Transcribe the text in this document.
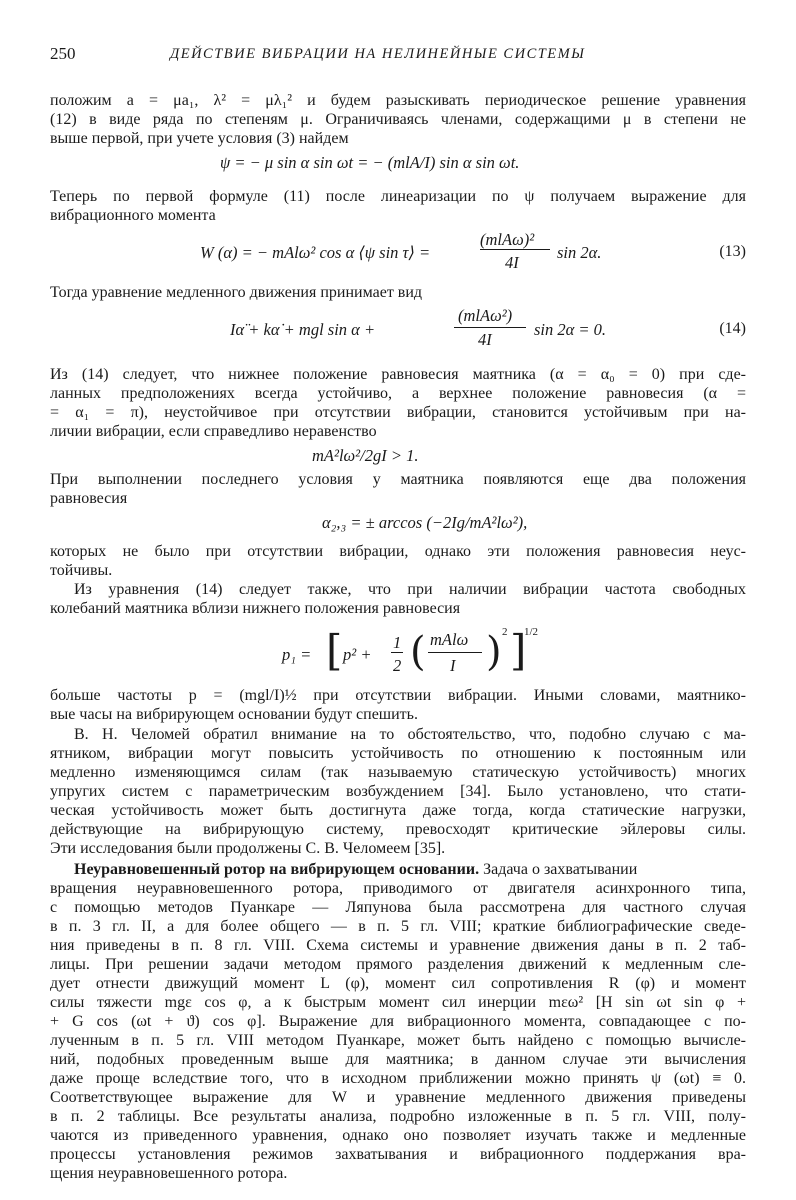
250	ДЕЙСТВИЕ ВИБРАЦИИ НА НЕЛИНЕЙНЫЕ СИСТЕМЫ
положим a = μa₁, λ² = μλ₁² и будем разыскивать периодическое решение уравнения
(12) в виде ряда по степеням μ. Ограничиваясь членами, содержащими μ в степени не
выше первой, при учете условия (3) найдем
ψ = − μ sin α sin ωt = − (mlA/I) sin α sin ωt.
Теперь по первой формуле (11) после линеаризации по ψ получаем выражение для
вибрационного момента
W (α) = − mAlω² cos α ⟨ψ sin τ⟩ =
(mlAω)²
4I
sin 2α.	(13)
Тогда уравнение медленного движения принимает вид
Iα̈ + kα̇ + mgl sin α +
(mlAω²)
4I
sin 2α = 0.	(14)
Из (14) следует, что нижнее положение равновесия маятника (α = α₀ = 0) при сде-
ланных предположениях всегда устойчиво, а верхнее положение равновесия (α =
= α₁ = π), неустойчивое при отсутствии вибрации, становится устойчивым при на-
личии вибрации, если справедливо неравенство
mA²lω²/2gI > 1.
При выполнении последнего условия у маятника появляются еще два положения
равновесия
α₂,₃ = ± arccos (−2Ig/mA²lω²),
которых не было при отсутствии вибрации, однако эти положения равновесия неус-
тойчивы.
Из уравнения (14) следует также, что при наличии вибрации частота свободных
колебаний маятника вблизи нижнего положения равновесия
p₁ = [ p² +
1
2 ( mAlω
I ) 2 ]
1/2
больше частоты p = (mgl/I)½ при отсутствии вибрации. Иными словами, маятнико-
вые часы на вибрирующем основании будут спешить.
В. Н. Челомей обратил внимание на то обстоятельство, что, подобно случаю с ма-
ятником, вибрации могут повысить устойчивость по отношению к постоянным или
медленно изменяющимся силам (так называемую статическую устойчивость) многих
упругих систем с параметрическим возбуждением [34]. Было установлено, что стати-
ческая устойчивость может быть достигнута даже тогда, когда статические нагрузки,
действующие на вибрирующую систему, превосходят критические эйлеровы силы.
Эти исследования были продолжены С. В. Челомеем [35].
Неуравновешенный ротор на вибрирующем основании. Задача о захватывании
вращения неуравновешенного ротора, приводимого от двигателя асинхронного типа,
с помощью методов Пуанкаре — Ляпунова была рассмотрена для частного случая
в п. 3 гл. II, а для более общего — в п. 5 гл. VIII; краткие библиографические сведе-
ния приведены в п. 8 гл. VIII. Схема системы и уравнение движения даны в п. 2 таб-
лицы. При решении задачи методом прямого разделения движений к медленным сле-
дует отнести движущий момент L (φ), момент сил сопротивления R (φ) и момент
силы тяжести mgε cos φ, а к быстрым момент сил инерции mεω² [H sin ωt sin φ +
+ G cos (ωt + ϑ) cos φ]. Выражение для вибрационного момента, совпадающее с по-
лученным в п. 5 гл. VIII методом Пуанкаре, может быть найдено с помощью вычисле-
ний, подобных проведенным выше для маятника; в данном случае эти вычисления
даже проще вследствие того, что в исходном приближении можно принять ψ (ωt) ≡ 0.
Соответствующее выражение для W и уравнение медленного движения приведены
в п. 2 таблицы. Все результаты анализа, подробно изложенные в п. 5 гл. VIII, полу-
чаются из приведенного уравнения, однако оно позволяет изучать также и медленные
процессы установления режимов захватывания и вибрационного поддержания вра-
щения неуравновешенного ротора.
